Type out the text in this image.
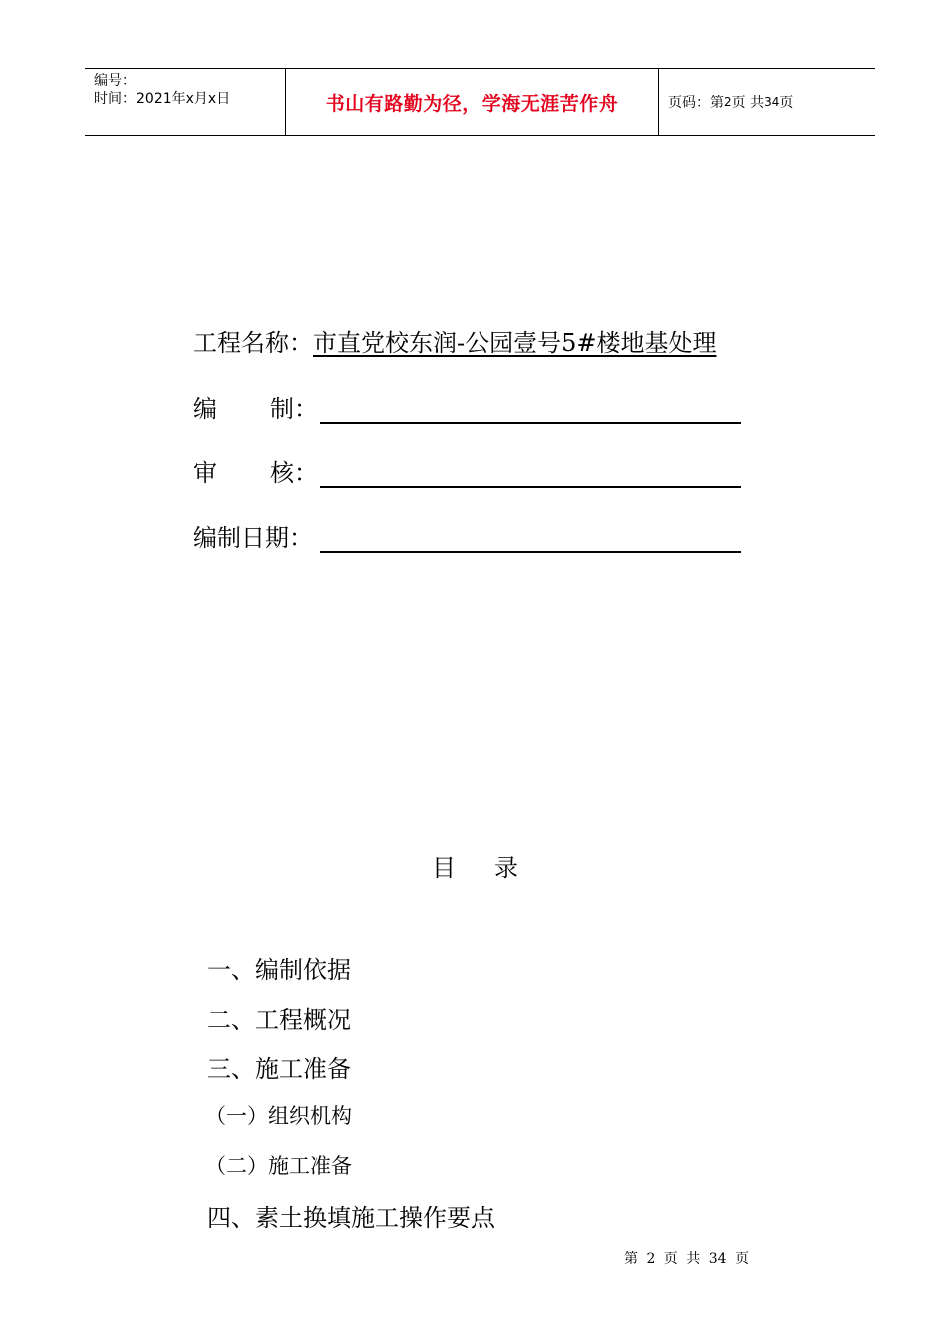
编号：
时间：2021年x月x日	书山有路勤为径，学海无涯苦作舟	页码：第 2 页 共 34 页
工程名称： 市直党校东润-公园壹号5#楼地基处理
编 制：
审 核：
编制日期：
目录
一、编制依据
二、工程概况
三、施工准备
（一）组织机构
（二）施工准备
四、素土换填施工操作要点
第 2 页 共 34 页
